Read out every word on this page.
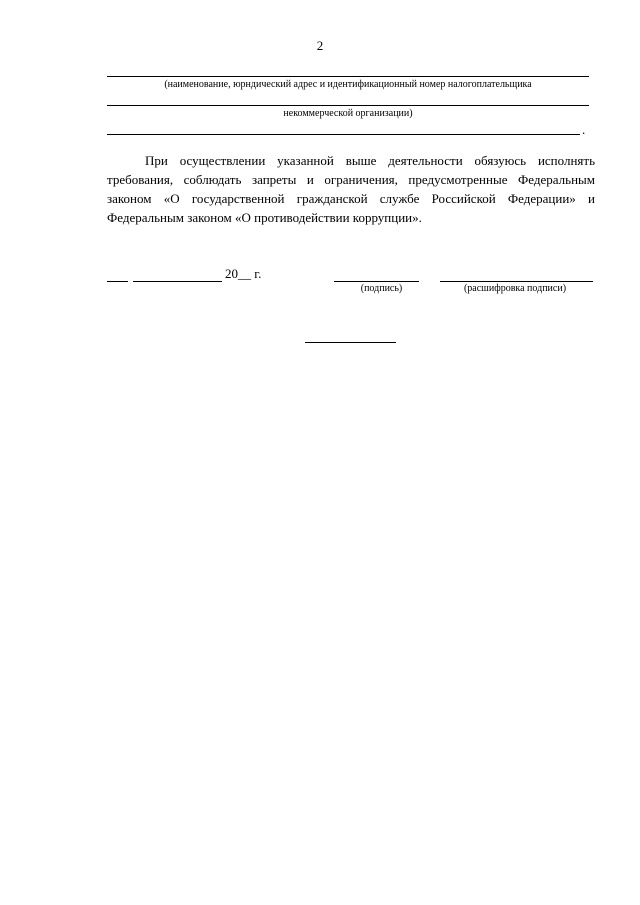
2
(наименование, юрндический адрес и идентификационный номер налогоплательщика
некоммерческой организации)
.

При осуществлении указанной выше деятельности обязуюсь исполнять требования, соблюдать запреты и ограничения, предусмотренные Федеральным законом «О государственной гражданской службе Российской Федерации» и Федеральным законом «О противодействии коррупции».

20__ г.
(подпись)	(расшифровка подписи)
